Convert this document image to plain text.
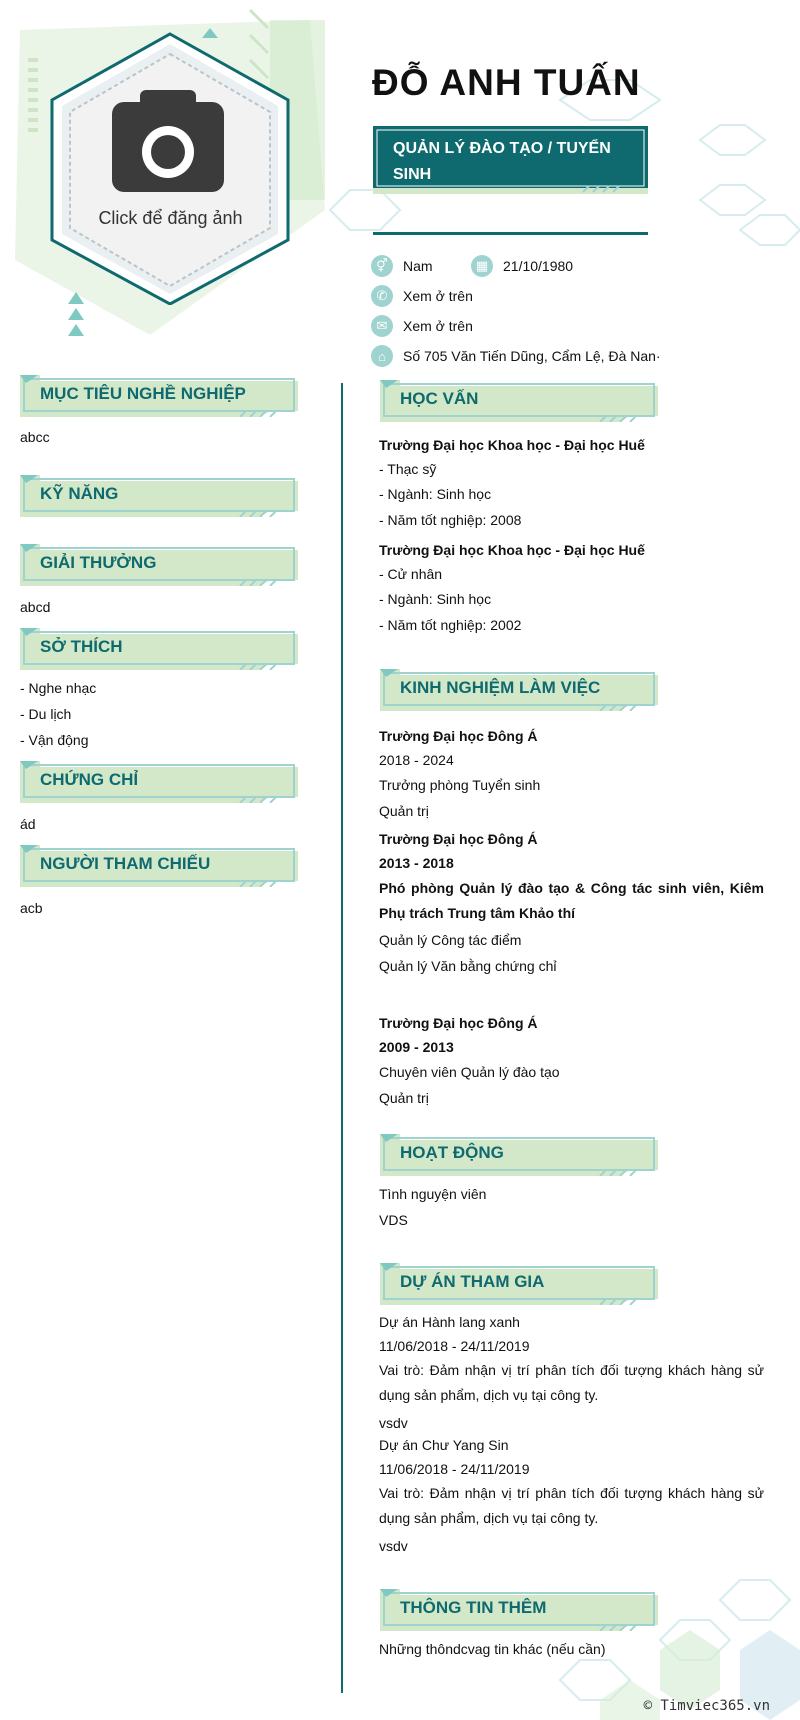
Click để đăng ảnh
ĐỖ ANH TUẤN
QUẢN LÝ ĐÀO TẠO / TUYỂN SINH
⚥	Nam	▦	21/10/1980
✆	Xem ở trên
✉	Xem ở trên
⌂	Số 705 Văn Tiến Dũng, Cẩm Lệ, Đà Nan·
MỤC TIÊU NGHỀ NGHIỆP
abcc
KỸ NĂNG
GIẢI THƯỞNG
abcd
SỞ THÍCH
- Nghe nhạc
- Du lịch
- Vận động
CHỨNG CHỈ
ád
NGƯỜI THAM CHIẾU
acb
HỌC VẤN
Trường Đại học Khoa học - Đại học Huế
- Thạc sỹ
- Ngành: Sinh học
- Năm tốt nghiệp: 2008
Trường Đại học Khoa học - Đại học Huế
- Cử nhân
- Ngành: Sinh học
- Năm tốt nghiệp: 2002
KINH NGHIỆM LÀM VIỆC
Trường Đại học Đông Á
2018 - 2024
Trưởng phòng Tuyển sinh
Quản trị
Trường Đại học Đông Á
2013 - 2018
Phó phòng Quản lý đào tạo & Công tác sinh viên, Kiêm Phụ trách Trung tâm Khảo thí
Quản lý Công tác điểm
Quản lý Văn bằng chứng chỉ
Trường Đại học Đông Á
2009 - 2013
Chuyên viên Quản lý đào tạo
Quản trị
HOẠT ĐỘNG
Tình nguyện viên
VDS
DỰ ÁN THAM GIA
Dự án Hành lang xanh
11/06/2018 - 24/11/2019
Vai trò: Đảm nhận vị trí phân tích đối tượng khách hàng sử dụng sản phẩm, dịch vụ tại công ty.
vsdv
Dự án Chư Yang Sin
11/06/2018 - 24/11/2019
Vai trò: Đảm nhận vị trí phân tích đối tượng khách hàng sử dụng sản phẩm, dịch vụ tại công ty.
vsdv
THÔNG TIN THÊM
Những thôndcvag tin khác (nếu cần)
© Timviec365.vn
